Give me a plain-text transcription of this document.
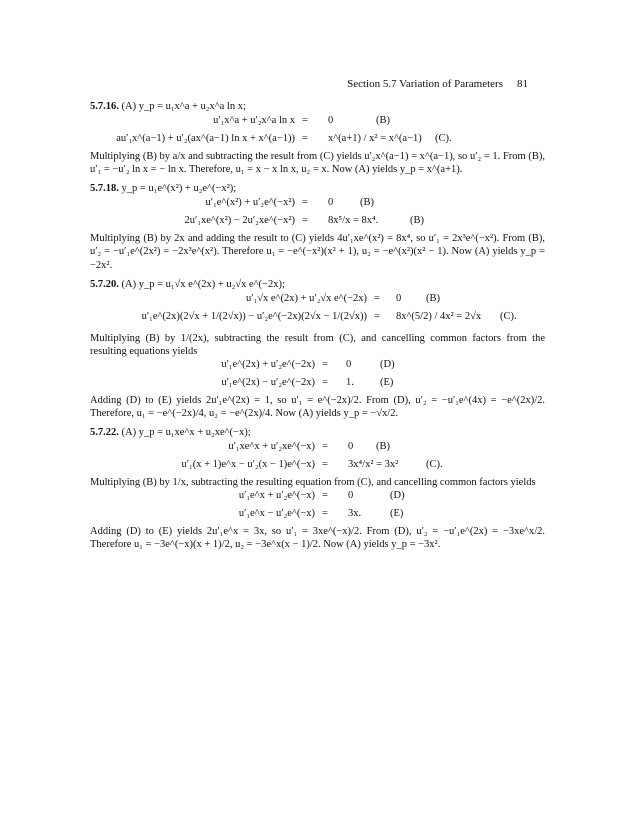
Section 5.7 Variation of Parameters 81
5.7.16. (A) y_p = u₁x^a + u₂x^a ln x;
u′₁x^a + u′₂x^a ln x = 0	(B)
au′₁x^(a−1) + u′₂(ax^(a−1) ln x + x^(a−1)) = x^(a+1) / x² = x^(a−1) (C).
Multiplying (B) by a/x and subtracting the result from (C) yields u′₂x^(a−1) = x^(a−1), so u′₂ = 1. From (B), u′₁ = −u′₂ ln x = − ln x. Therefore, u₁ = x − x ln x, u₂ = x. Now (A) yields y_p = x^(a+1).
5.7.18. y_p = u₁e^(x²) + u₂e^(−x²);
u′₁e^(x²) + u′₂e^(−x²) = 0	(B)
2u′₁xe^(x²) − 2u′₂xe^(−x²) = 8x⁵/x = 8x⁴.	(B)
Multiplying (B) by 2x and adding the result to (C) yields 4u′₁xe^(x²) = 8x⁴, so u′₁ = 2x³e^(−x²). From (B), u′₂ = −u′₁e^(2x²) = −2x³e^(x²). Therefore u₁ = −e^(−x²)(x² + 1), u₂ = −e^(x²)(x² − 1). Now (A) yields y_p = −2x².
5.7.20. (A) y_p = u₁√x e^(2x) + u₂√x e^(−2x);
u′₁√x e^(2x) + u′₂√x e^(−2x) = 0 (B)
u′₁e^(2x)(2√x + 1/(2√x)) − u′₂e^(−2x)(2√x − 1/(2√x)) = 8x^(5/2) / 4x² = 2√x (C).
Multiplying (B) by 1/(2x), subtracting the result from (C), and cancelling common factors from the resulting equations yields
u′₁e^(2x) + u′₂e^(−2x) = 0	(D)
u′₁e^(2x) − u′₂e^(−2x) = 1. (E)
Adding (D) to (E) yields 2u′₁e^(2x) = 1, so u′₁ = e^(−2x)/2. From (D), u′₂ = −u′₁e^(4x) = −e^(2x)/2. Therefore, u₁ = −e^(−2x)/4, u₂ = −e^(2x)/4. Now (A) yields y_p = −√x/2.
5.7.22. (A) y_p = u₁xe^x + u₂xe^(−x);
u′₁xe^x + u′₂xe^(−x) = 0 (B)
u′₁(x + 1)e^x − u′₂(x − 1)e^(−x) = 3x⁴/x² = 3x²	(C).
Multiplying (B) by 1/x, subtracting the resulting equation from (C), and cancelling common factors yields
u′₁e^x + u′₂e^(−x) = 0	(D)
u′₁e^x − u′₂e^(−x) = 3x.	(E)
Adding (D) to (E) yields 2u′₁e^x = 3x, so u′₁ = 3xe^(−x)/2. From (D), u′₂ = −u′₁e^(2x) = −3xe^x/2. Therefore u₁ = −3e^(−x)(x + 1)/2, u₂ = −3e^x(x − 1)/2. Now (A) yields y_p = −3x².
